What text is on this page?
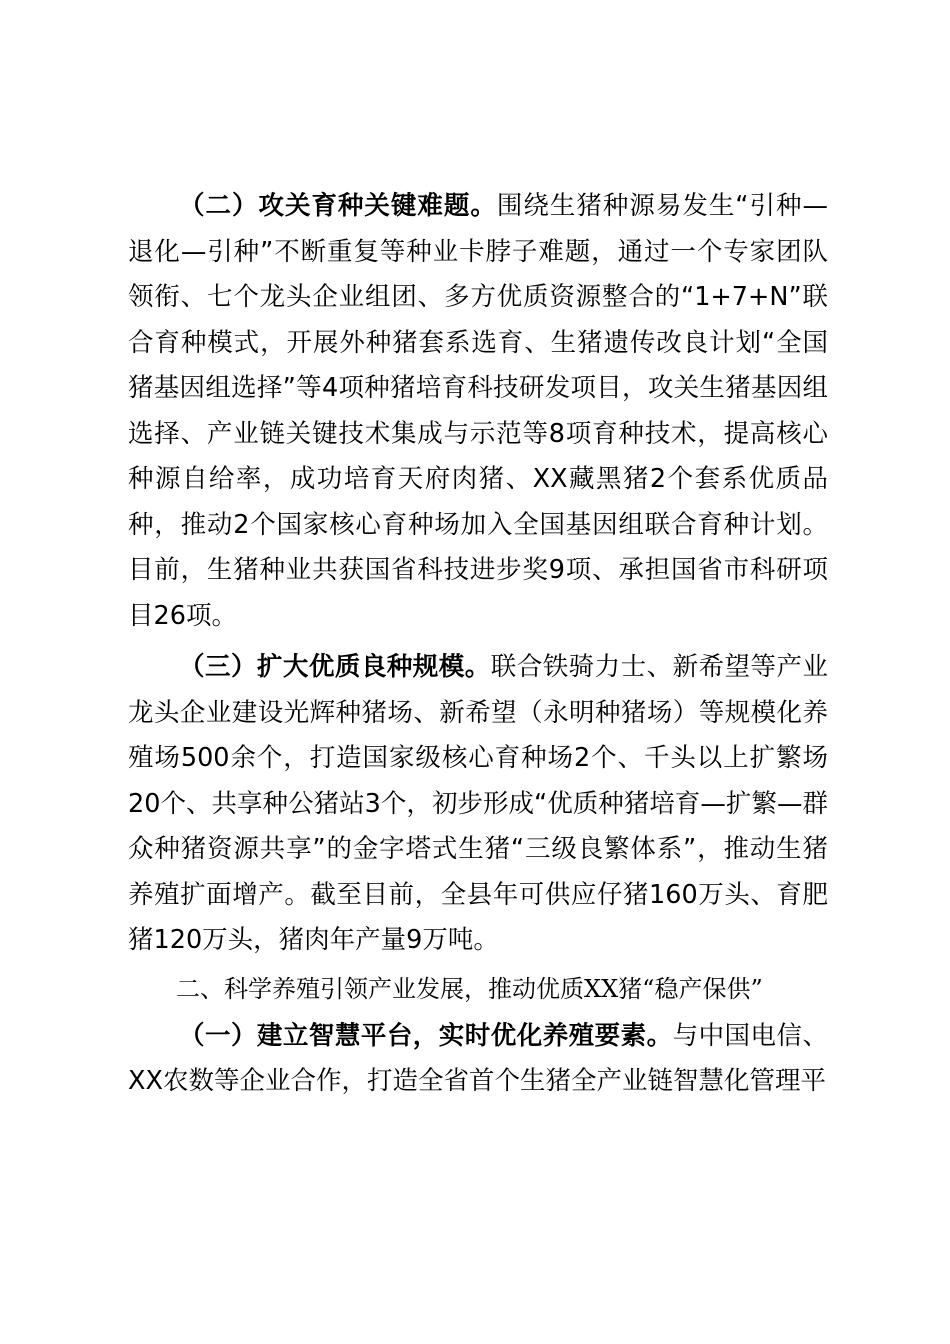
（二）攻关育种关键难题。围绕生猪种源易发生“引种—退化—引种”不断重复等种业卡脖子难题，通过一个专家团队领衔、七个龙头企业组团、多方优质资源整合的“1+7+N”联合育种模式，开展外种猪套系选育、生猪遗传改良计划“全国猪基因组选择”等4项种猪培育科技研发项目，攻关生猪基因组选择、产业链关键技术集成与示范等8项育种技术，提高核心种源自给率，成功培育天府肉猪、XX藏黑猪2个套系优质品种，推动2个国家核心育种场加入全国基因组联合育种计划。目前，生猪种业共获国省科技进步奖9项、承担国省市科研项目26项。

（三）扩大优质良种规模。联合铁骑力士、新希望等产业龙头企业建设光辉种猪场、新希望（永明种猪场）等规模化养殖场500余个，打造国家级核心育种场2个、千头以上扩繁场20个、共享种公猪站3个，初步形成“优质种猪培育—扩繁—群众种猪资源共享”的金字塔式生猪“三级良繁体系”，推动生猪养殖扩面增产。截至目前，全县年可供应仔猪160万头、育肥猪120万头，猪肉年产量9万吨。

二、科学养殖引领产业发展，推动优质XX猪“稳产保供”

（一）建立智慧平台，实时优化养殖要素。与中国电信、XX农数等企业合作，打造全省首个生猪全产业链智慧化管理平
